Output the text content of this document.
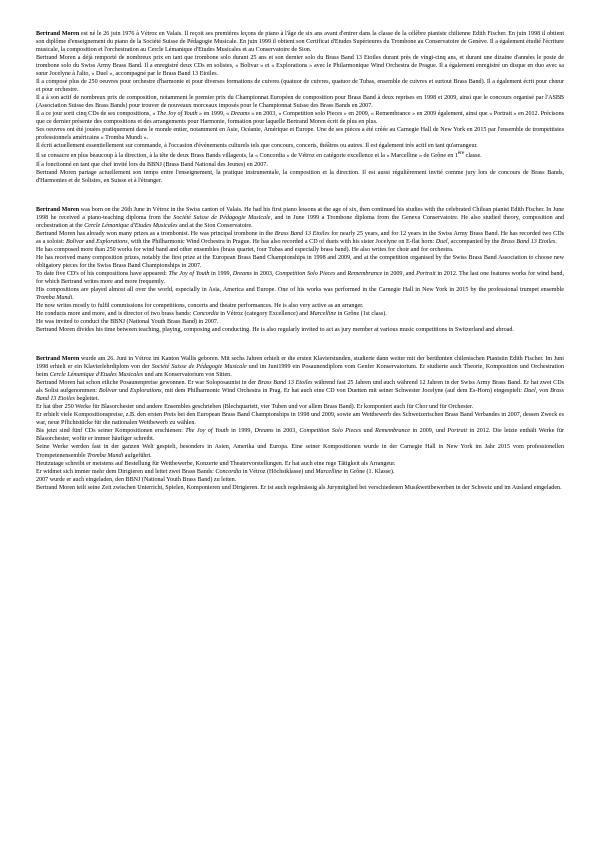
Bertrand Moren est né le 26 juin 1976 à Vétroz en Valais. Il reçoit ses premières leçons de piano à l'âge de six ans avant d'entrer dans la classe de la célèbre pianiste chilienne Edith Fischer. En juin 1998 il obtient son diplôme d'enseignement du piano de la Société Suisse de Pédagogie Musicale. En juin 1999 il obtient son Certificat d'Etudes Supérieures du Trombone au Conservatoire de Genève. Il a également étudié l'écriture musicale, la composition et l'orchestration au Cercle Lémanique d'Etudes Musicales et au Conservatoire de Sion.

Bertrand Moren a déjà remporté de nombreux prix en tant que trombone solo durant 25 ans et son dernier solo du Brass Band 13 Etoiles durant près de vingt-cinq ans, et durant une dizaine d'années le poste de trombone solo du Swiss Army Brass Band. Il a enregistré deux CDs en solistes, « Bolivar » et « Explorations » avec le Philarmonique Wind Orchestra de Prague. Il a également enregistré un disque en duo avec sa sœur Jocelyne à l'alto, « Duel », accompagné par le Brass Band 13 Etoiles.

Il a composé plus de 250 oeuvres pour orchestre d'harmonie et pour diverses formations de cuivres (quatuor de cuivres, quatuor de Tubas, ensemble de cuivres et surtout Brass Band). Il a également écrit pour chœur et pour orchestre.

Il a à son actif de nombreux prix de composition, notamment le premier prix du Championnat Européen de composition pour Brass Band à deux reprises en 1998 et 2009, ainsi que le concours organisé par l'ASBB (Association Suisse des Brass Bands) pour trouver de nouveaux morceaux imposés pour le Championnat Suisse des Brass Bands en 2007.

Il a ce jour sorti cinq CDs de ses compositions, « The Joy of Youth » en 1999, « Dreams » en 2003, « Competition solo Pieces » en 2009, « Remembrance » en 2009 également, ainsi que « Portrait » en 2012. Précisons que ce dernier présente des compositions et des arrangements pour Harmonie, formation pour laquelle Bertrand Moren écrit de plus en plus.

Ses oeuvres ont été jouées pratiquement dans le monde entier, notamment en Asie, Océanie, Amérique et Europe. Une de ses pièces a été créée au Carnegie Hall de New York en 2015 par l'ensemble de trompettistes professionnels américains « Tromba Mundi ».

Il écrit actuellement essentiellement sur commande, à l'occasion d'événements culturels tels que concours, concerts, théâtres ou autres. Il est également très actif en tant qu'arrangeur.

Il se consacre en plus beaucoup à la direction, à la tête de deux Brass Bands villageois, la « Concordia » de Vétroz en catégorie excellence et la « Marcelline » de Grône en 1ère classe.

Il a fonctionné en tant que chef invité lors du BBNJ (Brass Band National des Jeunes) en 2007.

Bertrand Moren partage actuellement son temps entre l'enseignement, la pratique instrumentale, la composition et la direction. Il est aussi régulièrement invité comme jury lors de concours de Brass Bands, d'Harmonies et de Solistes, en Suisse et à l'étranger.

Bertrand Moren was born on the 26th June in Vétroz in the Swiss canton of Valais. He had his first piano lessons at the age of six, then continued his studies with the celebrated Chilean pianist Edith Fischer. In June 1998 he received a piano-teaching diploma from the Société Suisse de Pédagogie Musicale, and in June 1999 a Trombone diploma from the Geneva Conservatoire. He also studied theory, composition and orchestration at the Cercle Lémanique d'Etudes Musicales and at the Sion Conservatoire.

Bertrand Moren has already won many prizes as a trombonist. He was principal trombone in the Brass Band 13 Etoiles for nearly 25 years, and for 12 years in the Swiss Army Brass Band. He has recorded two CDs as a soloist: Bolivar and Explorations, with the Philharmonic Wind Orchestra in Prague. He has also recorded a CD of duets with his sister Jocelyne on E-flat horn: Duel, accompanied by the Brass Band 13 Etoiles.

He has composed more than 250 works for wind band and other ensembles (brass quartet, four Tubas and especially brass band). He also writes for choir and for orchestra.

He has received many composition prizes, notably the first prize at the European Brass Band Championships in 1998 and 2009, and at the competition organised by the Swiss Brass Band Association to choose new obligatory pieces for the Swiss Brass Band Championships in 2007.

To date five CD's of his compositions have appeared: The Joy of Youth in 1999, Dreams in 2003, Competition Solo Pieces and Remembrance in 2009, and Portrait in 2012. The last one features works for wind band, for which Bertrand writes more and more frequently.

His compositions are played almost all over the world, especially in Asia, America and Europe. One of his works was performed in the Carnegie Hall in New York in 2015 by the professional trumpet ensemble Tromba Mundi.

He now writes mostly to fulfil commissions for competitions, concerts and theatre performances. He is also very active as an arranger.

He conducts more and more, and is director of two brass bands: Concordia in Vétroz (category Excellence) and Marcelline in Grône (1st class).

He was invited to conduct the BBNJ (National Youth Brass Band) in 2007.

Bertrand Moren divides his time between teaching, playing, composing and conducting. He is also regularly invited to act as jury member at various music competitions in Switzerland and abroad.

Bertrand Moren wurde am 26. Juni in Vétroz im Kanton Wallis geboren. Mit sechs Jahren erhielt er die ersten Klavierstunden, studierte dann weiter mit der berühmten chilenischen Pianistin Edith Fischer. Im Juni 1998 erhielt er ein Klavierlehrdiplom von der Société Suisse de Pédagogie Musicale und im Juni1999 ein Posaunendiplom vom Genfer Konservatorium. Er studierte auch Theorie, Komposition und Orchestration beim Cercle Lémanique d'Etudes Musicales und am Konservatorium von Sitten.

Bertrand Moren hat schon etliche Posaunenpreise gewonnen. Er war Soloposaunist in der Brass Band 13 Etoiles während fast 25 Jahren und auch während 12 Jahren in der Swiss Army Brass Band. Er hat zwei CDs als Solist aufgenommen: Bolivar und Explorations, mit dem Philharmonic Wind Orchestra in Prag. Er hat auch eine CD von Duetten mit seiner Schwester Jocelyne (auf dem Es-Horn) eingespielt: Duel, von Brass Band 13 Etoiles begleitet.

Er hat über 250 Werke für Blasorchester und andere Ensembles geschrieben (Blechquartett, vier Tuben und vor allem Brass Band). Er komponiert auch für Chor und für Orchester.

Er erhielt viele Kompositionspreise, z.B. den ersten Preis bei den European Brass Band Championships in 1998 und 2009, sowie am Wettbewerb des Schweizerischen Brass Band Verbandes in 2007, dessen Zweck es war, neue Pflichtstücke für die nationalen Wettbewerb zu wählen.

Bis jetzt sind fünf CDs seiner Kompositionen erschienen: The Joy of Youth in 1999, Dreams in 2003, Competition Solo Pieces und Remembrance in 2009, und Portrait in 2012. Die letzte enthält Werke für Blasorchester, wofür er immer häufiger schreibt.

Seine Werke werden fast in der ganzen Welt gespielt, besonders in Asien, Amerika und Europa. Eine seiner Kompositionen wurde in der Carnegie Hall in New York im Jahr 2015 vom professionellen Trompetenensemble Tromba Mundi aufgeführt.

Heutzutage schreibt er meistens auf Bestellung für Wettbewerbe, Konzerte und Theatervorstellungen. Er hat auch eine rege Tätigkeit als Arrangeur.

Er widmet sich immer mehr dem Dirigieren und leitet zwei Brass Bands: Concordia in Vétroz (Höchstklasse) und Marcelline in Grône (1. Klasse).

2007 wurde er auch eingeladen, den BBNJ (National Youth Brass Band) zu leiten.

Bertrand Moren teilt seine Zeit zwischen Unterricht, Spielen, Komponieren und Dirigieren. Er ist auch regelmässig als Jurymitglied bei verschiedenen Musikwettbewerben in der Schweiz und im Ausland eingeladen.
